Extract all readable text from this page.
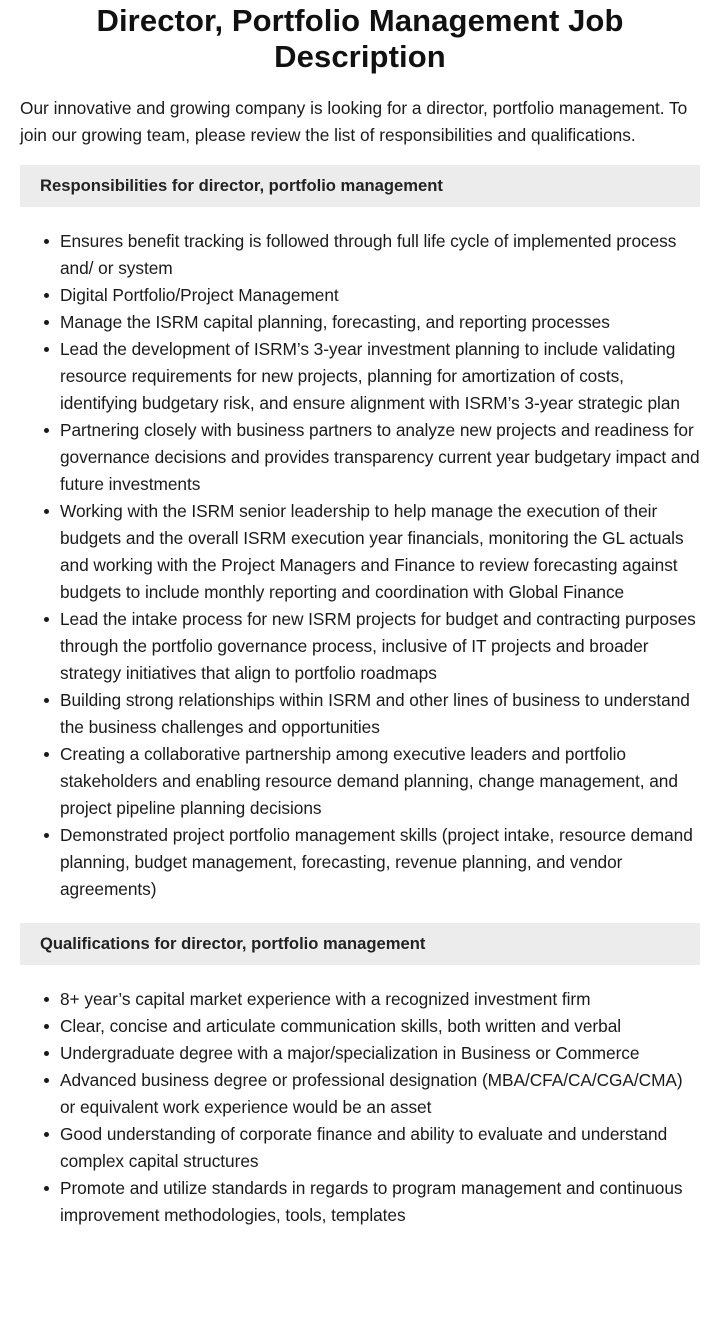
Director, Portfolio Management Job Description

Our innovative and growing company is looking for a director, portfolio management. To join our growing team, please review the list of responsibilities and qualifications.

Responsibilities for director, portfolio management
Ensures benefit tracking is followed through full life cycle of implemented process and/ or system
Digital Portfolio/Project Management
Manage the ISRM capital planning, forecasting, and reporting processes
Lead the development of ISRM’s 3-year investment planning to include validating resource requirements for new projects, planning for amortization of costs, identifying budgetary risk, and ensure alignment with ISRM’s 3-year strategic plan
Partnering closely with business partners to analyze new projects and readiness for governance decisions and provides transparency current year budgetary impact and future investments
Working with the ISRM senior leadership to help manage the execution of their budgets and the overall ISRM execution year financials, monitoring the GL actuals and working with the Project Managers and Finance to review forecasting against budgets to include monthly reporting and coordination with Global Finance
Lead the intake process for new ISRM projects for budget and contracting purposes through the portfolio governance process, inclusive of IT projects and broader strategy initiatives that align to portfolio roadmaps
Building strong relationships within ISRM and other lines of business to understand the business challenges and opportunities
Creating a collaborative partnership among executive leaders and portfolio stakeholders and enabling resource demand planning, change management, and project pipeline planning decisions
Demonstrated project portfolio management skills (project intake, resource demand planning, budget management, forecasting, revenue planning, and vendor agreements)
Qualifications for director, portfolio management
8+ year’s capital market experience with a recognized investment firm
Clear, concise and articulate communication skills, both written and verbal
Undergraduate degree with a major/specialization in Business or Commerce
Advanced business degree or professional designation (MBA/CFA/CA/CGA/CMA) or equivalent work experience would be an asset
Good understanding of corporate finance and ability to evaluate and understand complex capital structures
Promote and utilize standards in regards to program management and continuous improvement methodologies, tools, templates
